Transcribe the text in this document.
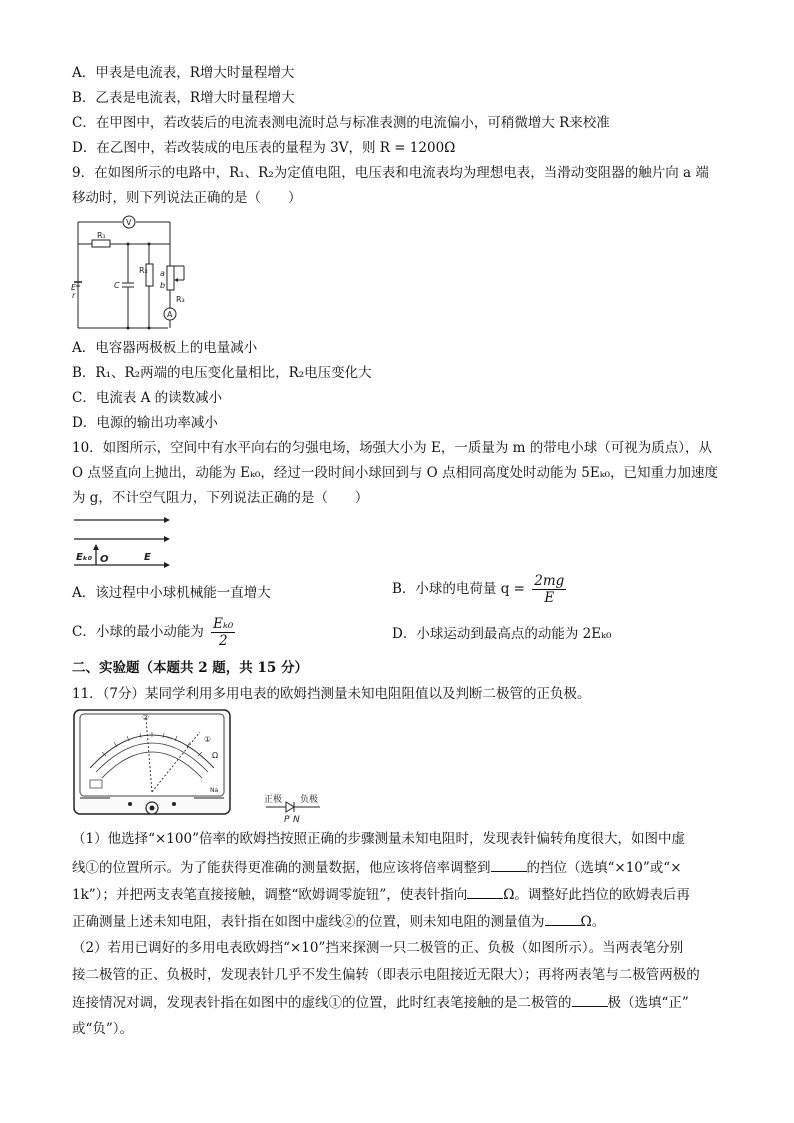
A．甲表是电流表，R增大时量程增大
B．乙表是电流表，R增大时量程增大
C．在甲图中，若改装后的电流表测电流时总与标准表测的电流偏小，可稍微增大 R来校准
D．在乙图中，若改装成的电压表的量程为 3V，则 R = 1200Ω
9．在如图所示的电路中，R₁、R₂为定值电阻，电压表和电流表均为理想电表，当滑动变阻器的触片向 a 端
移动时，则下列说法正确的是（　　）
V
R₁
R₂
R₃
C
E
r
a
b
A
A．电容器两极板上的电量减小
B．R₁、R₂两端的电压变化量相比，R₂电压变化大
C．电流表 A 的读数减小
D．电源的输出功率减小
10．如图所示，空间中有水平向右的匀强电场，场强大小为 E，一质量为 m 的带电小球（可视为质点），从
O 点竖直向上抛出，动能为 Eₖ₀，经过一段时间小球回到与 O 点相同高度处时动能为 5Eₖ₀，已知重力加速度
为 g，不计空气阻力，下列说法正确的是（　　）
Eₖ₀ O	E
A．该过程中小球机械能一直增大	B．小球的电荷量 $q = \frac{2mg}{E}$
C．小球的最小动能为 $\frac{\text{Eₖ₀}}{2}$	D．小球运动到最高点的动能为 2Eₖ₀
二、实验题（本题共 2 题，共 15 分）
11．（7分）某同学利用多用电表的欧姆挡测量未知电阻阻值以及判断二极管的正负极。
②
①
Ω
Na
正极 负极
P N
（1）他选择“×100”倍率的欧姆挡按照正确的步骤测量未知电阻时，发现表针偏转角度很大，如图中虚
线①的位置所示。为了能获得更准确的测量数据，他应该将倍率调整到	的挡位（选填“×10”或“×
1k”）；并把两支表笔直接接触，调整“欧姆调零旋钮”，使表针指向	Ω。调整好此挡位的欧姆表后再
正确测量上述未知电阻，表针指在如图中虚线②的位置，则未知电阻的测量值为	Ω。
（2）若用已调好的多用电表欧姆挡“×10”挡来探测一只二极管的正、负极（如图所示）。当两表笔分别
接二极管的正、负极时，发现表针几乎不发生偏转（即表示电阻接近无限大）；再将两表笔与二极管两极的
连接情况对调，发现表针指在如图中的虚线①的位置，此时红表笔接触的是二极管的	极（选填“正”
或“负”）。
